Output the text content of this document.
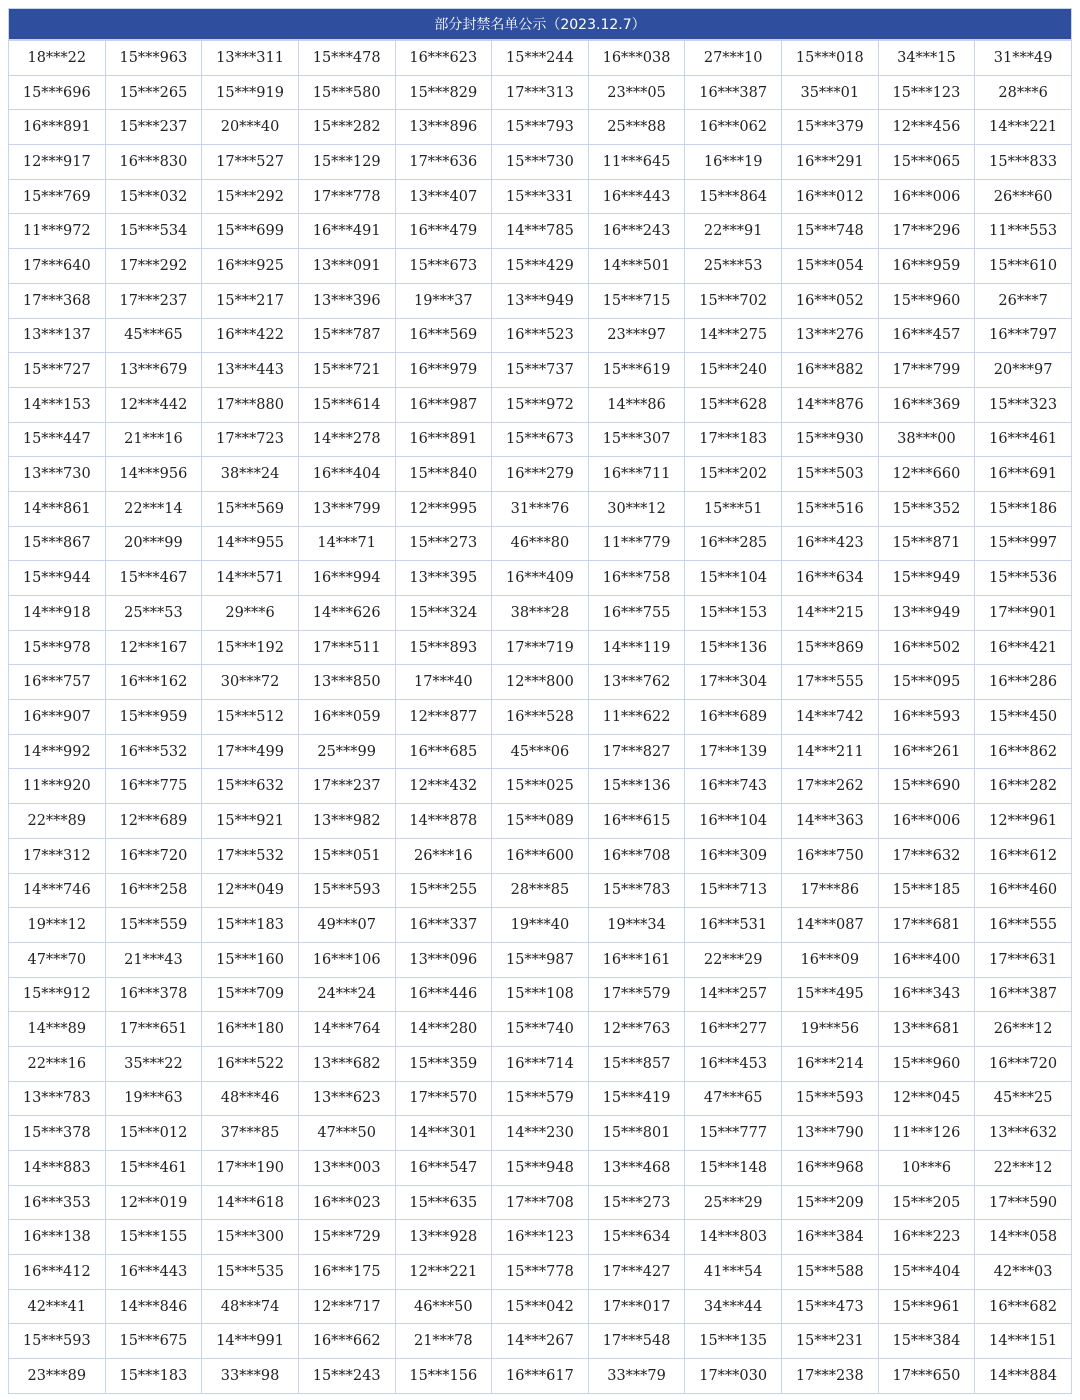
部分封禁名单公示（2023.12.7）
18***22	15***963	13***311	15***478	16***623	15***244	16***038	27***10	15***018	34***15	31***49
15***696	15***265	15***919	15***580	15***829	17***313	23***05	16***387	35***01	15***123	28***6
16***891	15***237	20***40	15***282	13***896	15***793	25***88	16***062	15***379	12***456	14***221
12***917	16***830	17***527	15***129	17***636	15***730	11***645	16***19	16***291	15***065	15***833
15***769	15***032	15***292	17***778	13***407	15***331	16***443	15***864	16***012	16***006	26***60
11***972	15***534	15***699	16***491	16***479	14***785	16***243	22***91	15***748	17***296	11***553
17***640	17***292	16***925	13***091	15***673	15***429	14***501	25***53	15***054	16***959	15***610
17***368	17***237	15***217	13***396	19***37	13***949	15***715	15***702	16***052	15***960	26***7
13***137	45***65	16***422	15***787	16***569	16***523	23***97	14***275	13***276	16***457	16***797
15***727	13***679	13***443	15***721	16***979	15***737	15***619	15***240	16***882	17***799	20***97
14***153	12***442	17***880	15***614	16***987	15***972	14***86	15***628	14***876	16***369	15***323
15***447	21***16	17***723	14***278	16***891	15***673	15***307	17***183	15***930	38***00	16***461
13***730	14***956	38***24	16***404	15***840	16***279	16***711	15***202	15***503	12***660	16***691
14***861	22***14	15***569	13***799	12***995	31***76	30***12	15***51	15***516	15***352	15***186
15***867	20***99	14***955	14***71	15***273	46***80	11***779	16***285	16***423	15***871	15***997
15***944	15***467	14***571	16***994	13***395	16***409	16***758	15***104	16***634	15***949	15***536
14***918	25***53	29***6	14***626	15***324	38***28	16***755	15***153	14***215	13***949	17***901
15***978	12***167	15***192	17***511	15***893	17***719	14***119	15***136	15***869	16***502	16***421
16***757	16***162	30***72	13***850	17***40	12***800	13***762	17***304	17***555	15***095	16***286
16***907	15***959	15***512	16***059	12***877	16***528	11***622	16***689	14***742	16***593	15***450
14***992	16***532	17***499	25***99	16***685	45***06	17***827	17***139	14***211	16***261	16***862
11***920	16***775	15***632	17***237	12***432	15***025	15***136	16***743	17***262	15***690	16***282
22***89	12***689	15***921	13***982	14***878	15***089	16***615	16***104	14***363	16***006	12***961
17***312	16***720	17***532	15***051	26***16	16***600	16***708	16***309	16***750	17***632	16***612
14***746	16***258	12***049	15***593	15***255	28***85	15***783	15***713	17***86	15***185	16***460
19***12	15***559	15***183	49***07	16***337	19***40	19***34	16***531	14***087	17***681	16***555
47***70	21***43	15***160	16***106	13***096	15***987	16***161	22***29	16***09	16***400	17***631
15***912	16***378	15***709	24***24	16***446	15***108	17***579	14***257	15***495	16***343	16***387
14***89	17***651	16***180	14***764	14***280	15***740	12***763	16***277	19***56	13***681	26***12
22***16	35***22	16***522	13***682	15***359	16***714	15***857	16***453	16***214	15***960	16***720
13***783	19***63	48***46	13***623	17***570	15***579	15***419	47***65	15***593	12***045	45***25
15***378	15***012	37***85	47***50	14***301	14***230	15***801	15***777	13***790	11***126	13***632
14***883	15***461	17***190	13***003	16***547	15***948	13***468	15***148	16***968	10***6	22***12
16***353	12***019	14***618	16***023	15***635	17***708	15***273	25***29	15***209	15***205	17***590
16***138	15***155	15***300	15***729	13***928	16***123	15***634	14***803	16***384	16***223	14***058
16***412	16***443	15***535	16***175	12***221	15***778	17***427	41***54	15***588	15***404	42***03
42***41	14***846	48***74	12***717	46***50	15***042	17***017	34***44	15***473	15***961	16***682
15***593	15***675	14***991	16***662	21***78	14***267	17***548	15***135	15***231	15***384	14***151
23***89	15***183	33***98	15***243	15***156	16***617	33***79	17***030	17***238	17***650	14***884
